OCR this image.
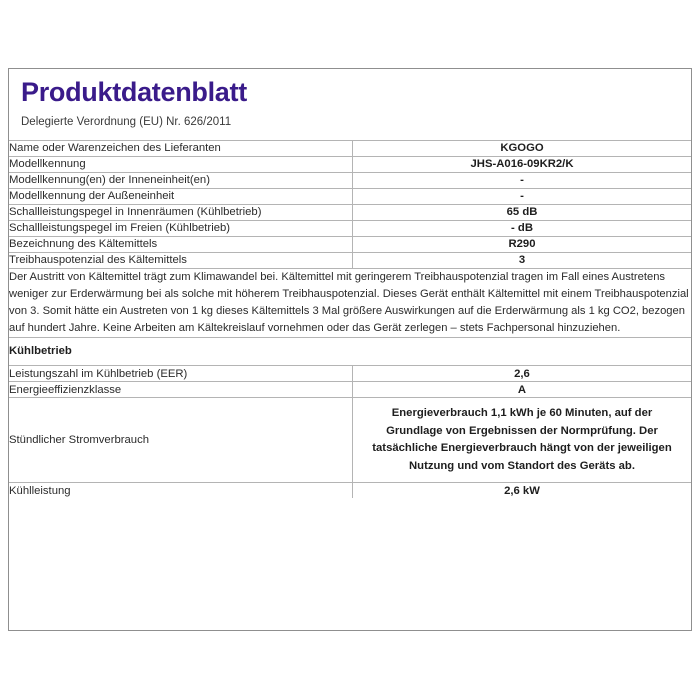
Produktdatenblatt
Delegierte Verordnung (EU) Nr. 626/2011
Name oder Warenzeichen des Lieferanten	KGOGO
Modellkennung	JHS-A016-09KR2/K
Modellkennung(en) der Inneneinheit(en)	-
Modellkennung der Außeneinheit	-
Schallleistungspegel in Innenräumen (Kühlbetrieb)	65 dB
Schallleistungspegel im Freien (Kühlbetrieb)	- dB
Bezeichnung des Kältemittels	R290
Treibhauspotenzial des Kältemittels	3

Der Austritt von Kältemittel trägt zum Klimawandel bei. Kältemittel mit geringerem Treibhauspotenzial tragen im Fall eines Austretens weniger zur Erderwärmung bei als solche mit höherem Treibhauspotenzial. Dieses Gerät enthält Kältemittel mit einem Treibhauspotenzial von 3. Somit hätte ein Austreten von 1 kg dieses Kältemittels 3 Mal größere Auswirkungen auf die Erderwärmung als 1 kg CO2, bezogen auf hundert Jahre. Keine Arbeiten am Kältekreislauf vornehmen oder das Gerät zerlegen – stets Fachpersonal hinzuziehen.	

Kühlbetrieb	
Leistungszahl im Kühlbetrieb (EER)	2,6
Energieeffizienzklasse	A
Stündlicher Stromverbrauch	Energieverbrauch 1,1 kWh je 60 Minuten, auf der Grundlage von Ergebnissen der Normprüfung. Der tatsächliche Energieverbrauch hängt von der jeweiligen Nutzung und vom Standort des Geräts ab.
Kühlleistung	2,6 kW
